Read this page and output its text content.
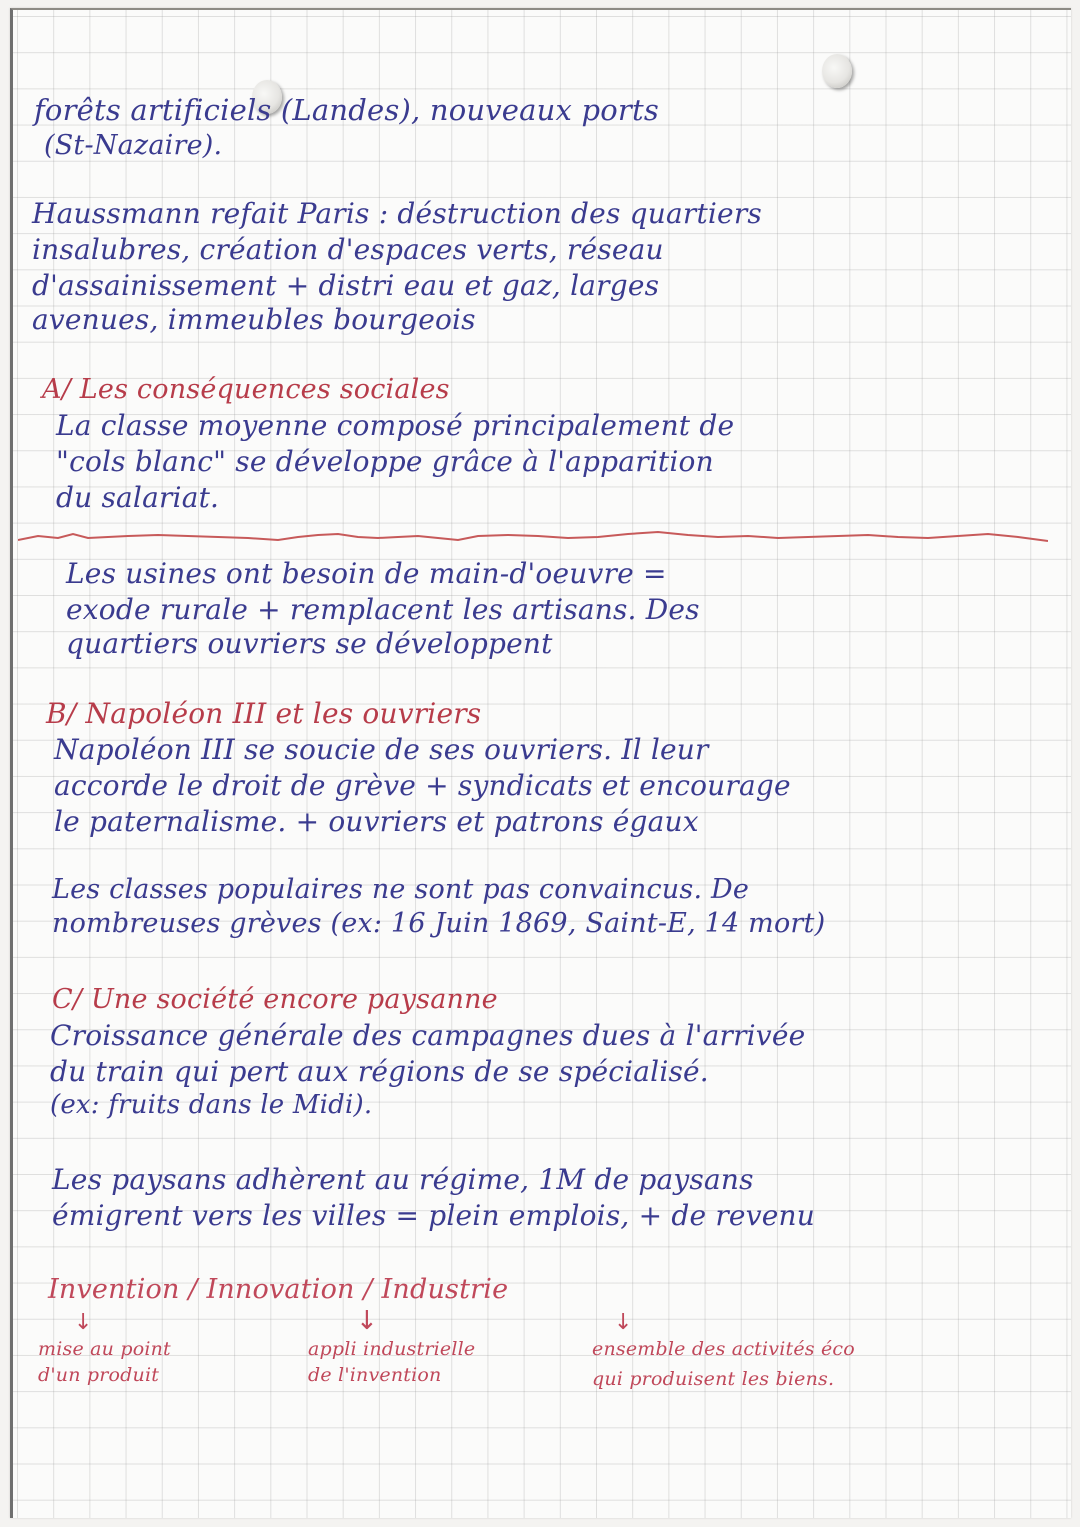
forêts artificiels (Landes), nouveaux ports
(St-Nazaire).
Haussmann refait Paris : déstruction des quartiers
insalubres, création d'espaces verts, réseau
d'assainissement + distri eau et gaz, larges
avenues, immeubles bourgeois
A/ Les conséquences sociales
La classe moyenne composé principalement de
"cols blanc" se développe grâce à l'apparition
du salariat.
Les usines ont besoin de main-d'oeuvre =
exode rurale + remplacent les artisans. Des
quartiers ouvriers se développent
B/ Napoléon III et les ouvriers
Napoléon III se soucie de ses ouvriers. Il leur
accorde le droit de grève + syndicats et encourage
le paternalisme. + ouvriers et patrons égaux
Les classes populaires ne sont pas convaincus. De
nombreuses grèves (ex: 16 Juin 1869, Saint-E, 14 mort)
C/ Une société encore paysanne
Croissance générale des campagnes dues à l'arrivée
du train qui pert aux régions de se spécialisé.
(ex: fruits dans le Midi).
Les paysans adhèrent au régime, 1M de paysans
émigrent vers les villes = plein emplois, + de revenu
Invention / Innovation / Industrie
↓	↓	↓
mise au point
d'un produit
appli industrielle
de l'invention
ensemble des activités éco
qui produisent les biens.
